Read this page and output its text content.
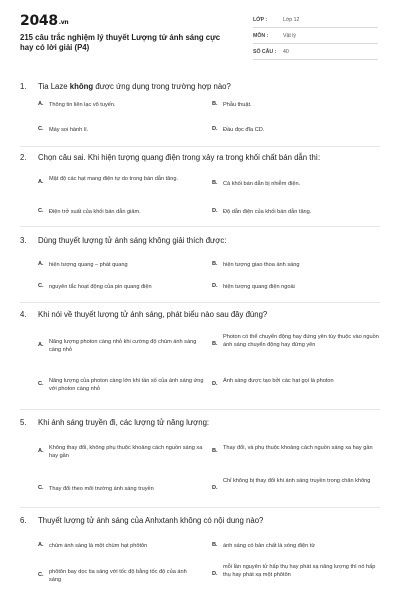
2048.vn
215 câu trắc nghiệm lý thuyết Lượng tử ánh sáng cực hay có lời giải (P4)
LỚP :	Lớp 12
MÔN :	Vật lý
SỐ CÂU : 40
1.	Tia Laze không được ứng dụng trong trường hợp nào?
A. Thông tin liên lạc vô tuyến.	B. Phẫu thuật.
C. Máy soi hành lí.	D. Đầu đọc đĩa CD.
2.	Chọn câu sai. Khi hiện tượng quang điện trong xảy ra trong khối chất bán dẫn thì:
A. Mật độ các hạt mang điện tự do trong bán dẫn tăng.
B. Cả khối bán dẫn bị nhiễm điện.
C. Điện trở suất của khối bán dẫn giảm.	D. Độ dẫn điện của khối bán dẫn tăng.
3.	Dùng thuyết lượng tử ánh sáng không giải thích được:
A. hiện tượng quang – phát quang	B. hiện tượng giao thoa ánh sáng
C. nguyên tắc hoạt động của pin quang điện	D. hiện tượng quang điện ngoài
4.	Khi nói về thuyết lượng tử ánh sáng, phát biểu nào sau đây đúng?
A. Năng lượng photon càng nhỏ khi cường độ chùm ánh sáng càng nhỏ
B.
Photon có thể chuyển động hay đứng yên tùy thuộc vào nguồn ánh sáng chuyển động hay đứng yên
C. Năng lượng của photon càng lớn khi tần số của ánh sáng ứng với photon càng nhỏ
D. Ánh sáng được tạo bởi các hạt gọi là photon
5.	Khi ánh sáng truyền đi, các lượng tử năng lượng:
A. Không thay đổi, không phụ thuộc khoảng cách nguồn sáng xa hay gần
B. Thay đổi, và phụ thuộc khoảng cách nguồn sáng xa hay gần
C. Thay đổi theo môi trường ánh sáng truyền	D.
Chỉ không bị thay đổi khi ánh sáng truyền trong chân không
6.	Thuyết lượng tử ánh sáng của Anhxtanh không có nội dung nào?
A. chùm ánh sáng là một chùm hạt phôtôn	B. ánh sáng có bản chất là sóng điện từ
C. phôtôn bay dọc tia sáng với tốc độ bằng tốc độ của ánh sáng
D.
mỗi lần nguyên tử hấp thụ hay phát xạ năng lượng thì nó hấp thụ hay phát xạ một phôtôn
